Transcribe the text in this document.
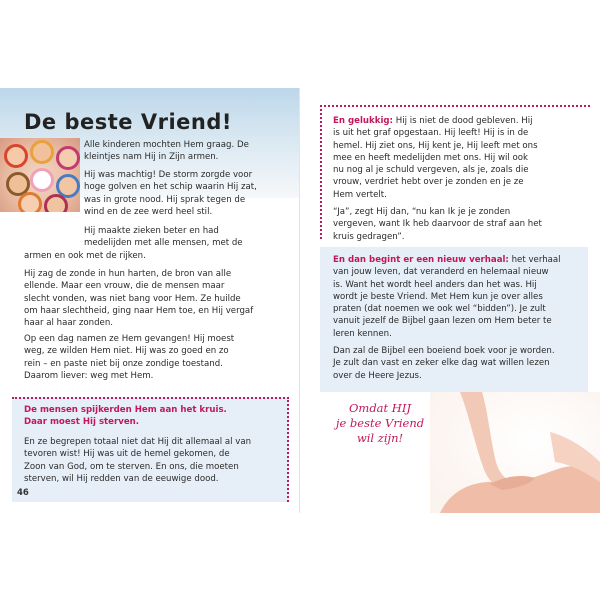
De beste Vriend!

Alle kinderen mochten Hem graag. De
kleintjes nam Hij in Zijn armen.

Hij was machtig! De storm zorgde voor
hoge golven en het schip waarin Hij zat,
was in grote nood. Hij sprak tegen de
wind en de zee werd heel stil.

Hij maakte zieken beter en had
medelijden met alle mensen, met de

armen en ook met de rijken.

Hij zag de zonde in hun harten, de bron van alle
ellende. Maar een vrouw, die de mensen maar
slecht vonden, was niet bang voor Hem. Ze huilde
om haar slechtheid, ging naar Hem toe, en Hij vergaf
haar al haar zonden.

Op een dag namen ze Hem gevangen! Hij moest
weg, ze wilden Hem niet. Hij was zo goed en zo
rein – en paste niet bij onze zondige toestand.
Daarom liever: weg met Hem.

De mensen spijkerden Hem aan het kruis.
Daar moest Hij sterven.

En ze begrepen totaal niet dat Hij dit allemaal al van
tevoren wist! Hij was uit de hemel gekomen, de
Zoon van God, om te sterven. En ons, die moeten
sterven, wil Hij redden van de eeuwige dood.

46

En gelukkig: Hij is niet de dood gebleven. Hij
is uit het graf opgestaan. Hij leeft! Hij is in de
hemel. Hij ziet ons, Hij kent je, Hij leeft met ons
mee en heeft medelijden met ons. Hij wil ook
nu nog al je schuld vergeven, als je, zoals die
vrouw, verdriet hebt over je zonden en je ze
Hem vertelt.

“Ja”, zegt Hij dan, “nu kan Ik je je zonden
vergeven, want Ik heb daarvoor de straf aan het
kruis gedragen”.

En dan begint er een nieuw verhaal: het verhaal
van jouw leven, dat veranderd en helemaal nieuw
is. Want het wordt heel anders dan het was. Hij
wordt je beste Vriend. Met Hem kun je over alles
praten (dat noemen we ook wel “bidden”). Je zult
vanuit jezelf de Bijbel gaan lezen om Hem beter te
leren kennen.

Dan zal de Bijbel een boeiend boek voor je worden.
Je zult dan vast en zeker elke dag wat willen lezen
over de Heere Jezus.

Omdat HIJ
je beste Vriend
wil zijn!
